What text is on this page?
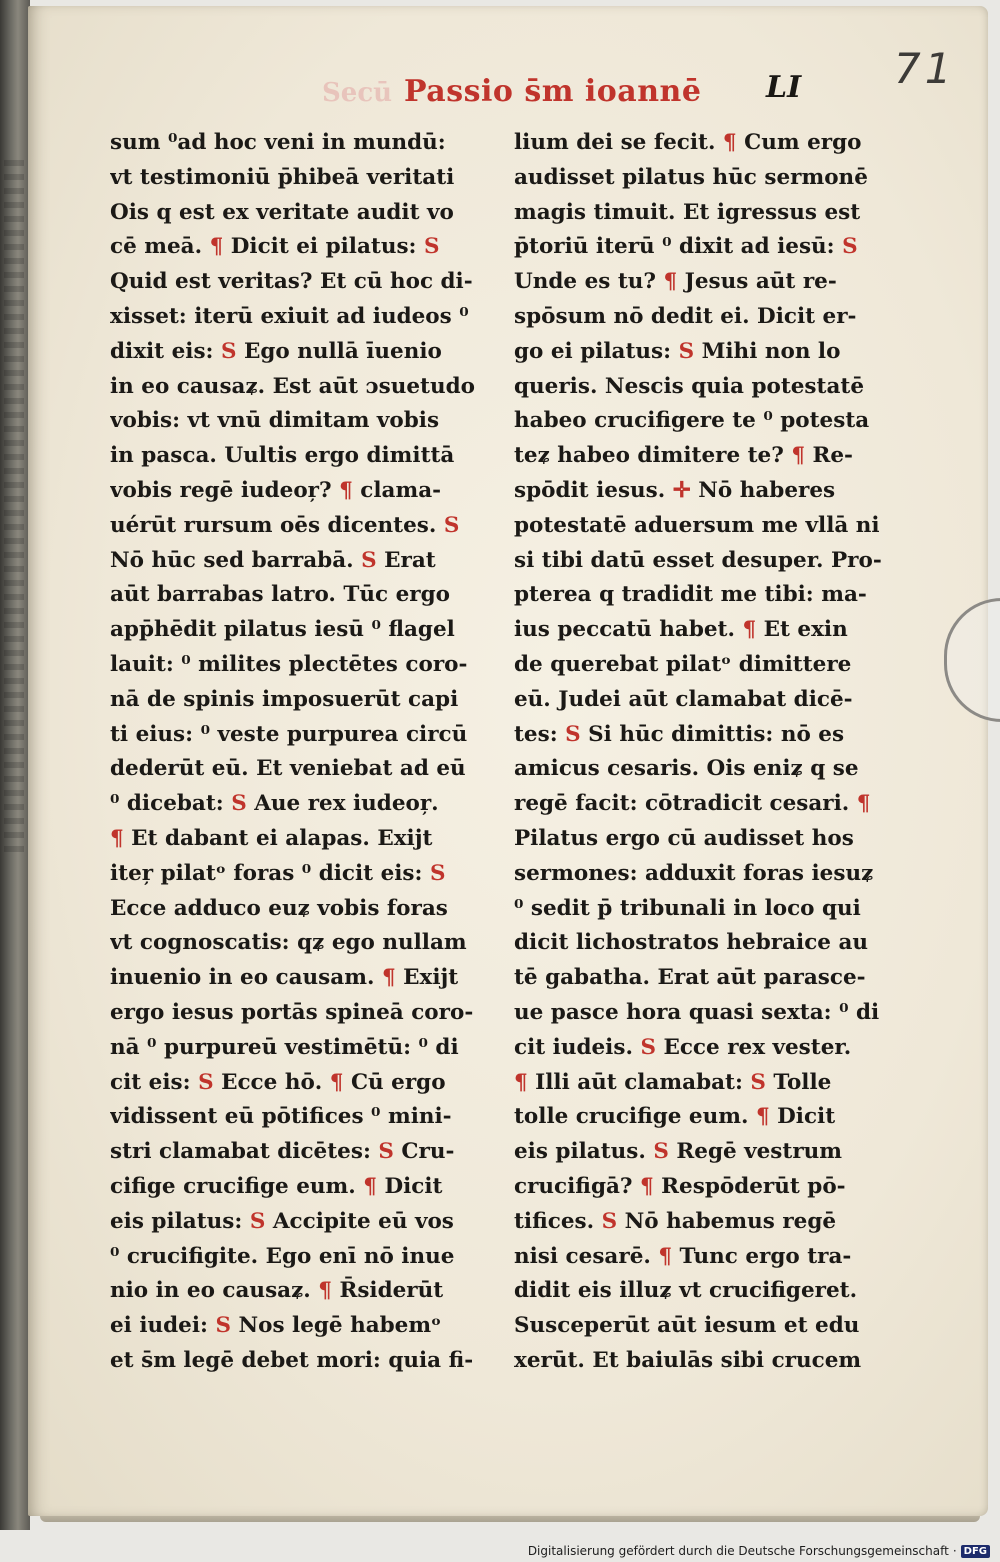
Secū Passio s̄m ioannē LI 71
sum ⁰ad hoc veni in mundū:
vt testimoniū p̄hibeā veritati
Ois q est ex veritate audit vo
cē meā. ¶ Dicit ei pilatus: S
Quid est veritas? Et cū hoc di-
xisset: iterū exiuit ad iudeos ⁰
dixit eis: S Ego nullā īuenio
in eo causaʑ. Est aūt ɔsuetudo
vobis: vt vnū dimitam vobis
in pasca. Uultis ergo dimittā
vobis regē iudeoŗ? ¶ clama-
uérūt rursum oēs dicentes. S
Nō hūc sed barrabā. S Erat
aūt barrabas latro. Tūc ergo
app̄hēdit pilatus iesū ⁰ flagel
lauit: ⁰ milites plectētes coro-
nā de spinis imposuerūt capi
ti eius: ⁰ veste purpurea circū
dederūt eū. Et veniebat ad eū
⁰ dicebat: S Aue rex iudeoŗ.
¶ Et dabant ei alapas. Exijt
iteŗ pilatᵒ foras ⁰ dicit eis: S
Ecce adduco euʑ vobis foras
vt cognoscatis: qʑ ego nullam
inuenio in eo causam. ¶ Exijt
ergo iesus portās spineā coro-
nā ⁰ purpureū vestimētū: ⁰ di
cit eis: S Ecce hō. ¶ Cū ergo
vidissent eū pōtifices ⁰ mini-
stri clamabat dicētes: S Cru-
cifige crucifige eum. ¶ Dicit
eis pilatus: S Accipite eū vos
⁰ crucifigite. Ego enī nō inue
nio in eo causaʑ. ¶ R̄siderūt
ei iudei: S Nos legē habemᵒ
et s̄m legē debet mori: quia fi-
lium dei se fecit. ¶ Cum ergo
audisset pilatus hūc sermonē
magis timuit. Et igressus est
p̄toriū iterū ⁰ dixit ad iesū: S
Unde es tu? ¶ Jesus aūt re-
spōsum nō dedit ei. Dicit er-
go ei pilatus: S Mihi non lo
queris. Nescis quia potestatē
habeo crucifigere te ⁰ potesta
teʑ habeo dimitere te? ¶ Re-
spōdit iesus. ✛ Nō haberes
potestatē aduersum me vllā ni
si tibi datū esset desuper. Pro-
pterea q tradidit me tibi: ma-
ius peccatū habet. ¶ Et exin
de querebat pilatᵒ dimittere
eū. Judei aūt clamabat dicē-
tes: S Si hūc dimittis: nō es
amicus cesaris. Ois eniʑ q se
regē facit: cōtradicit cesari. ¶
Pilatus ergo cū audisset hos
sermones: adduxit foras iesuʑ
⁰ sedit p̄ tribunali in loco qui
dicit lichostratos hebraice au
tē gabatha. Erat aūt parasce-
ue pasce hora quasi sexta: ⁰ di
cit iudeis. S Ecce rex vester.
¶ Illi aūt clamabat: S Tolle
tolle crucifige eum. ¶ Dicit
eis pilatus. S Regē vestrum
crucifigā? ¶ Respōderūt pō-
tifices. S Nō habemus regē
nisi cesarē. ¶ Tunc ergo tra-
didit eis illuʑ vt crucifigeret.
Susceperūt aūt iesum et edu
xerūt. Et baiulās sibi crucem
Digitalisierung gefördert durch die Deutsche Forschungsgemeinschaft · DFG
